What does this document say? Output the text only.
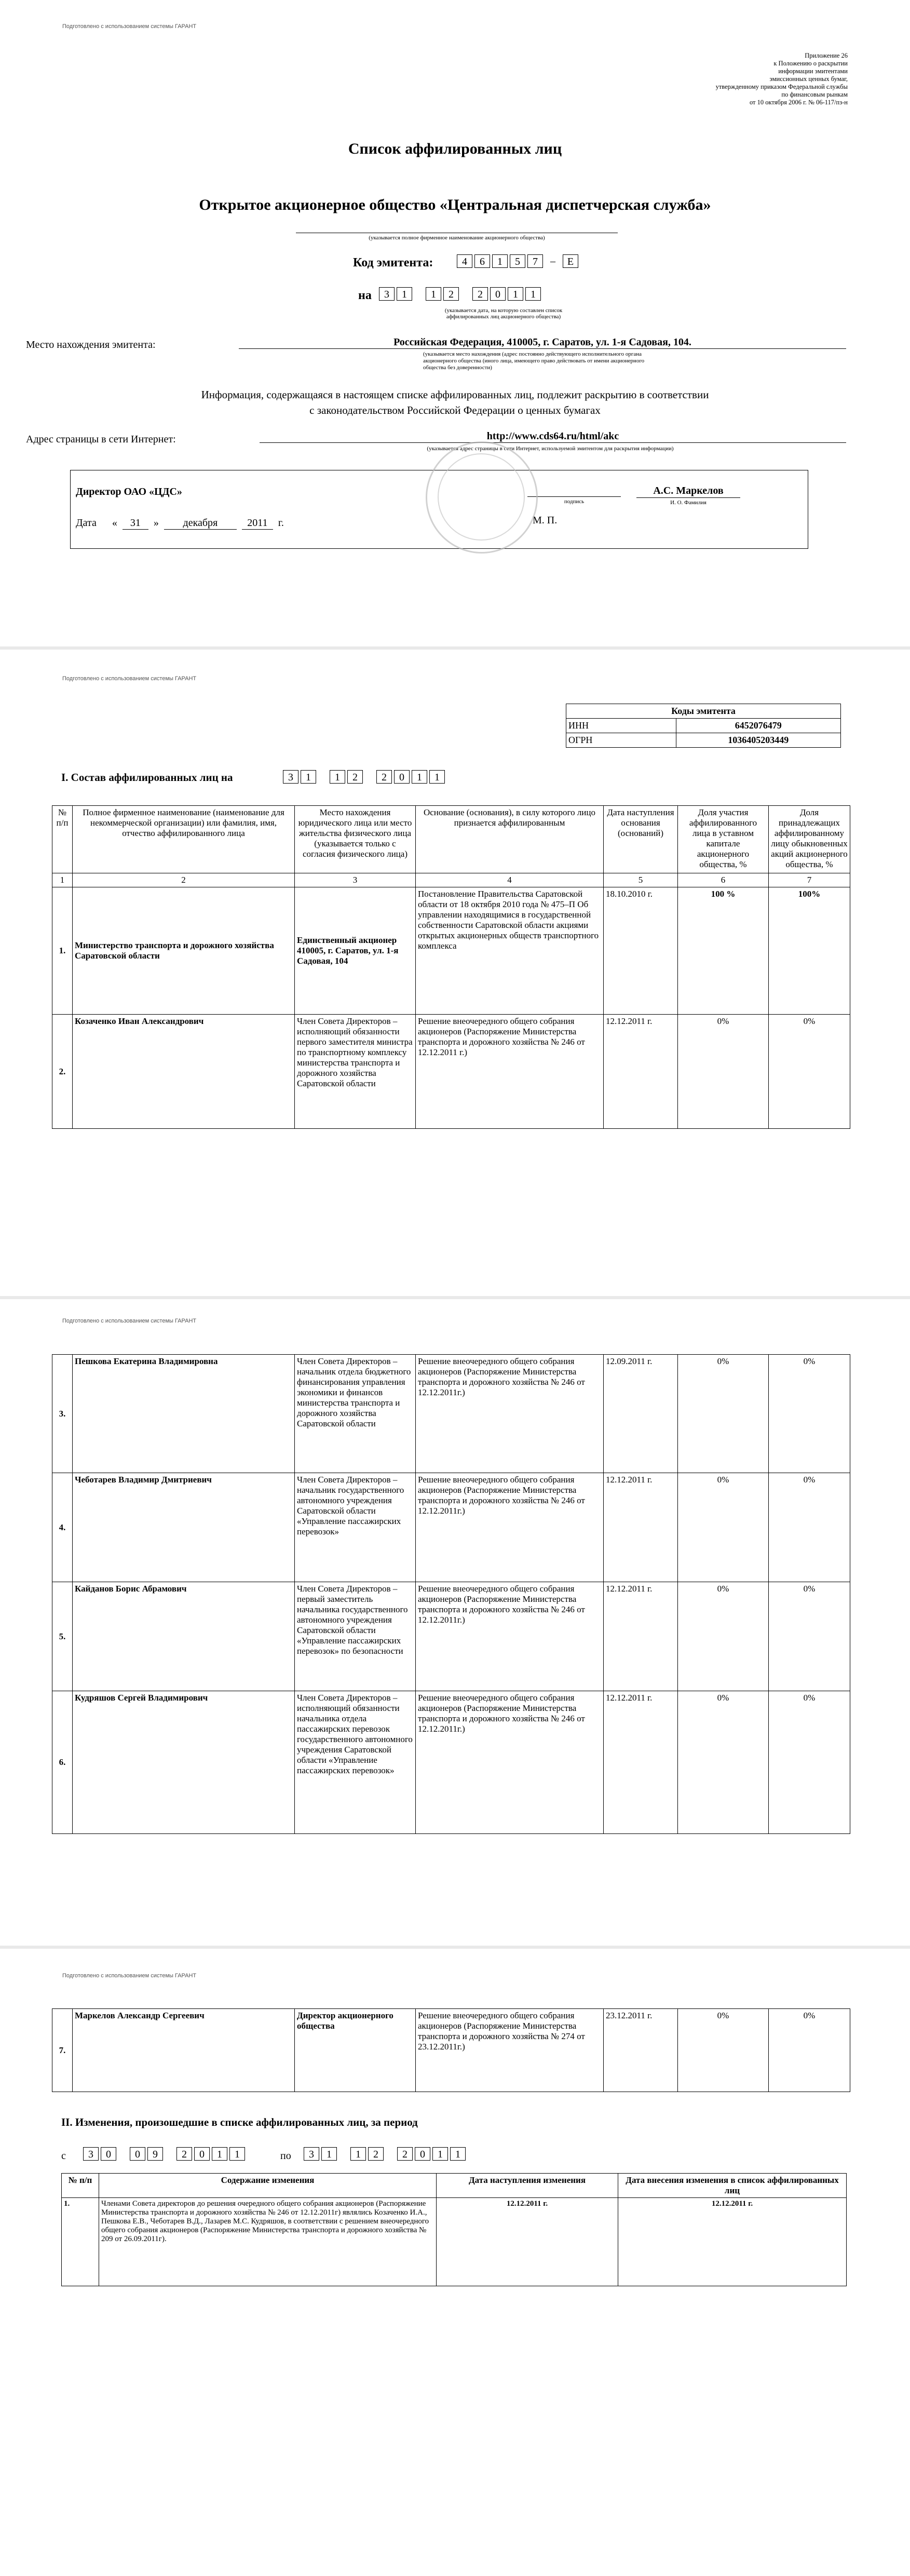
Подготовлено с использованием системы ГАРАНТ
Приложение 26
к Положению о раскрытии
информации эмитентами
эмиссионных ценных бумаг,
утвержденному приказом Федеральной службы
по финансовым рынкам
от 10 октября 2006 г. № 06-117/пз-н
Список аффилированных лиц
Открытое акционерное общество «Центральная диспетчерская служба»
(указывается полное фирменное наименование акционерного общества)
Код эмитента:	4	6	1	5	7	–	Е
на	3	1	1	2	2	0	1	1
(указывается дата, на которую составлен список аффилированных лиц акционерного общества)
Место нахождения эмитента:	Российская Федерация, 410005, г. Саратов, ул. 1-я Садовая, 104.
(указывается место нахождения (адрес постоянно действующего исполнительного органа акционерного общества (иного лица, имеющего право действовать от имени акционерного общества без доверенности)
Информация, содержащаяся в настоящем списке аффилированных лиц, подлежит раскрытию в соответствии
с законодательством Российской Федерации о ценных бумагах
Адрес страницы в сети Интернет:	http://www.cds64.ru/html/akc
(указывается адрес страницы в сети Интернет, используемой эмитентом для раскрытия информации)
Директор ОАО «ЦДС»
подпись
А.С. Маркелов
И. О. Фамилия
Дата «	31	»	декабря	2011	г.	М. П.
Подготовлено с использованием системы ГАРАНТ
Коды эмитента	
ИНН	6452076479
ОГРН	1036405203449
I. Состав аффилированных лиц на	3	1	1	2	2	0	1	1
№ п/п	Полное фирменное наименование (наименование для некоммерческой организации) или фамилия, имя, отчество аффилированного лица	Место нахождения юридического лица или место жительства физического лица (указывается только с согласия физического лица)	Основание (основания), в силу которого лицо признается аффилированным	Дата наступления основания (оснований)	Доля участия аффилированного лица в уставном капитале акционерного общества, %	Доля принадлежащих аффилированному лицу обыкновенных акций акционерного общества, %
1	2	3	4	5	6	7
1.	Министерство транспорта и дорожного хозяйства Саратовской области	Единственный акционер 410005, г. Саратов, ул. 1-я Садовая, 104	Постановление Правительства Саратовской области от 18 октября 2010 года № 475–П Об управлении находящимися в государственной собственности Саратовской области акциями открытых акционерных обществ транспортного комплекса	18.10.2010 г.	100 %	100%
2.	Козаченко Иван Александрович	Член Совета Директоров – исполняющий обязанности первого заместителя министра по транспортному комплексу министерства транспорта и дорожного хозяйства Саратовской области	Решение внеочередного общего собрания акционеров (Распоряжение Министерства транспорта и дорожного хозяйства № 246 от 12.12.2011 г.)	12.12.2011 г.	0%	0%
Подготовлено с использованием системы ГАРАНТ
3.	Пешкова Екатерина Владимировна	Член Совета Директоров – начальник отдела бюджетного финансирования управления экономики и финансов министерства транспорта и дорожного хозяйства Саратовской области	Решение внеочередного общего собрания акционеров (Распоряжение Министерства транспорта и дорожного хозяйства № 246 от 12.12.2011г.)	12.09.2011 г.	0%	0%
4.	Чеботарев Владимир Дмитриевич	Член Совета Директоров – начальник государственного автономного учреждения Саратовской области «Управление пассажирских перевозок»	Решение внеочередного общего собрания акционеров (Распоряжение Министерства транспорта и дорожного хозяйства № 246 от 12.12.2011г.)	12.12.2011 г.	0%	0%
5.	Кайданов Борис Абрамович	Член Совета Директоров – первый заместитель начальника государственного автономного учреждения Саратовской области «Управление пассажирских перевозок» по безопасности	Решение внеочередного общего собрания акционеров (Распоряжение Министерства транспорта и дорожного хозяйства № 246 от 12.12.2011г.)	12.12.2011 г.	0%	0%
6.	Кудряшов Сергей Владимирович	Член Совета Директоров – исполняющий обязанности начальника отдела пассажирских перевозок государственного автономного учреждения Саратовской области «Управление пассажирских перевозок»	Решение внеочередного общего собрания акционеров (Распоряжение Министерства транспорта и дорожного хозяйства № 246 от 12.12.2011г.)	12.12.2011 г.	0%	0%
Подготовлено с использованием системы ГАРАНТ
7.	Маркелов Александр Сергеевич	Директор акционерного общества	Решение внеочередного общего собрания акционеров (Распоряжение Министерства транспорта и дорожного хозяйства № 274 от 23.12.2011г.)	23.12.2011 г.	0%	0%
II. Изменения, произошедшие в списке аффилированных лиц, за период
с	3	0	0	9	2	0	1	1	по	3	1	1	2	2	0	1	1
№ п/п	Содержание изменения	Дата наступления изменения	Дата внесения изменения в список аффилированных лиц
1.	Членами Совета директоров до решения очередного общего собрания акционеров (Распоряжение Министерства транспорта и дорожного хозяйства № 246 от 12.12.2011г) являлись Козаченко И.А., Пешкова Е.В., Чеботарев В.Д., Лазарев М.С. Кудряшов, в соответствии с решением внеочередного общего собрания акционеров (Распоряжение Министерства транспорта и дорожного хозяйства № 209 от 26.09.2011г).	12.12.2011 г.	12.12.2011 г.
